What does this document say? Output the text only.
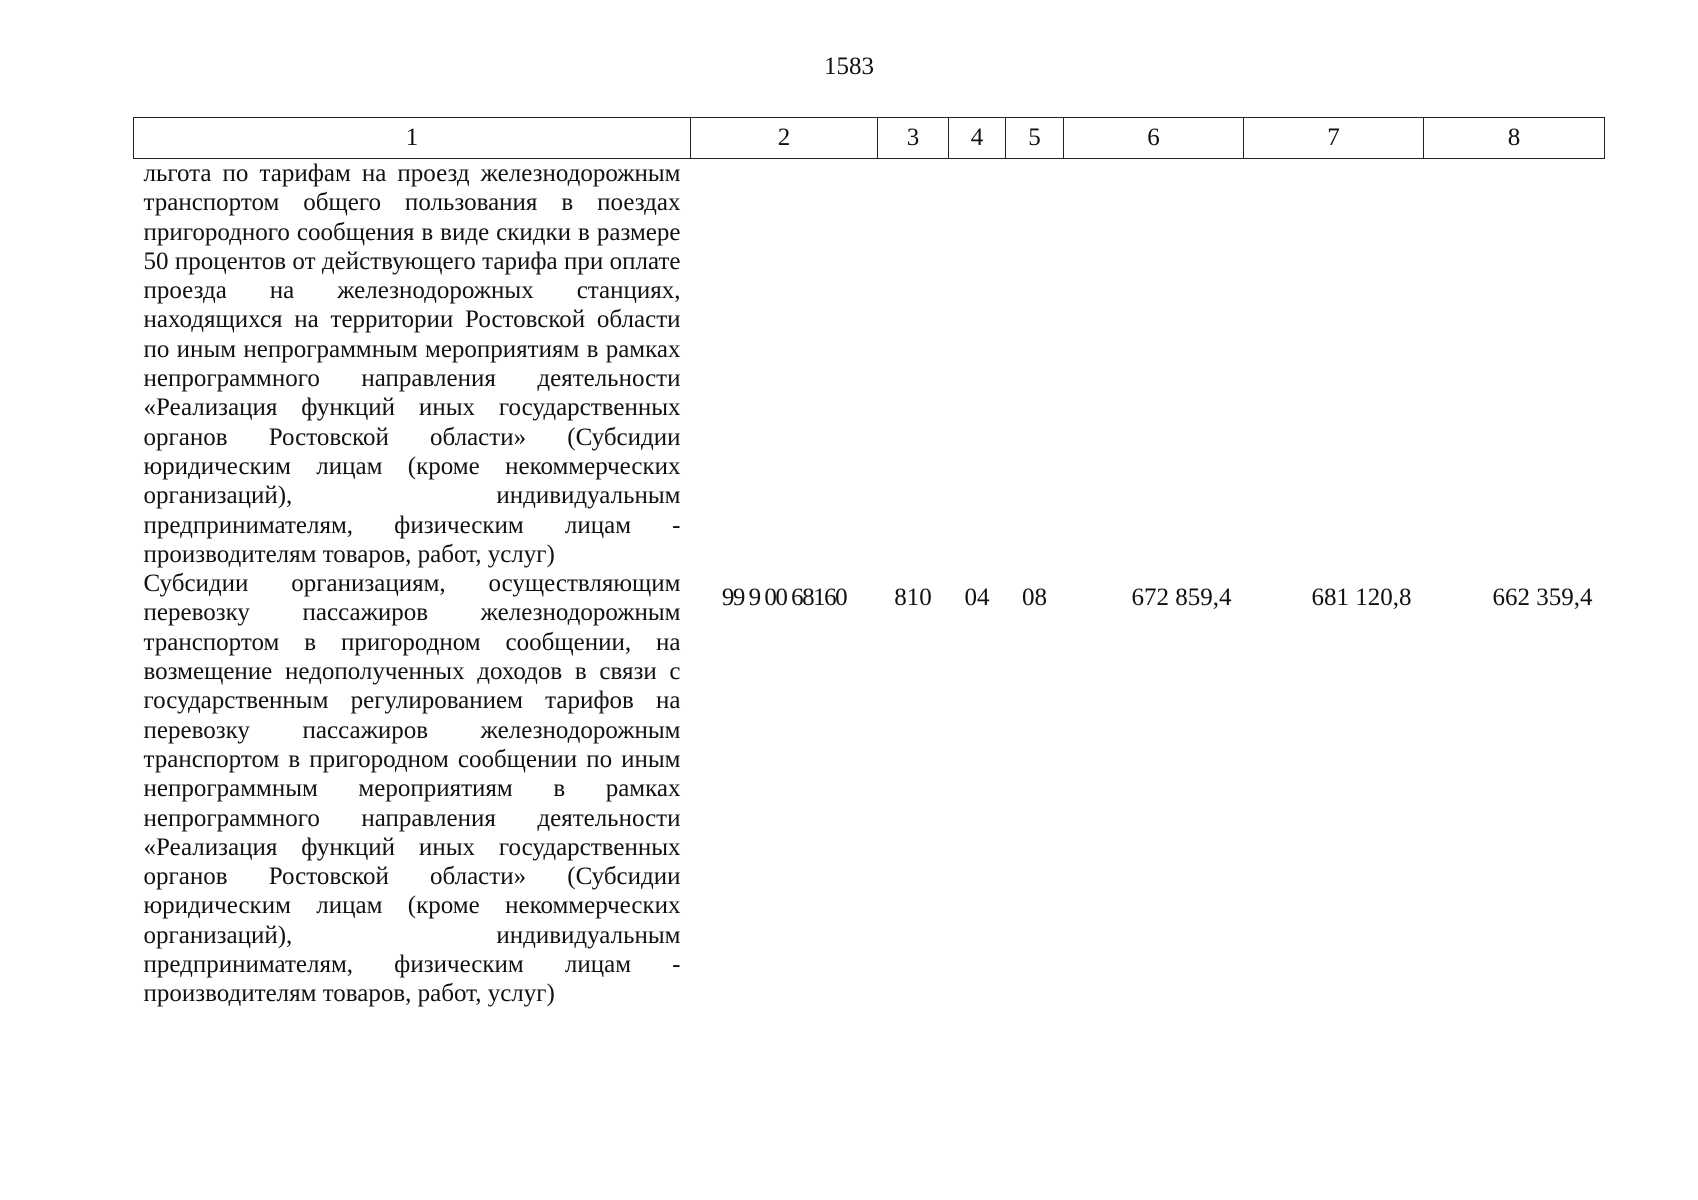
1583
1	2	3	4	5	6	7	8
льгота по тарифам на проезд железнодорожным транспортом общего пользования в поездах пригородного сообщения в виде скидки в размере 50 процентов от действующего тарифа при оплате проезда на железнодорожных станциях, находящихся на территории Ростовской области по иным непрограммным мероприятиям в рамках непрограммного направления деятельности «Реализация функций иных государственных органов Ростовской области» (Субсидии юридическим лицам (кроме некоммерческих организаций), индивидуальным предпринимателям, физическим лицам - производителям товаров, работ, услуг)							
Субсидии организациям, осуществляющим перевозку пассажиров железнодорожным транспортом в пригородном сообщении, на возмещение недополученных доходов в связи с государственным регулированием тарифов на перевозку пассажиров железнодорожным транспортом в пригородном сообщении по иным непрограммным мероприятиям в рамках непрограммного направления деятельности «Реализация функций иных государственных органов Ростовской области» (Субсидии юридическим лицам (кроме некоммерческих организаций), индивидуальным предпринимателям, физическим лицам - производителям товаров, работ, услуг)	99 9 00 68160	810	04	08	672 859,4	681 120,8	662 359,4
